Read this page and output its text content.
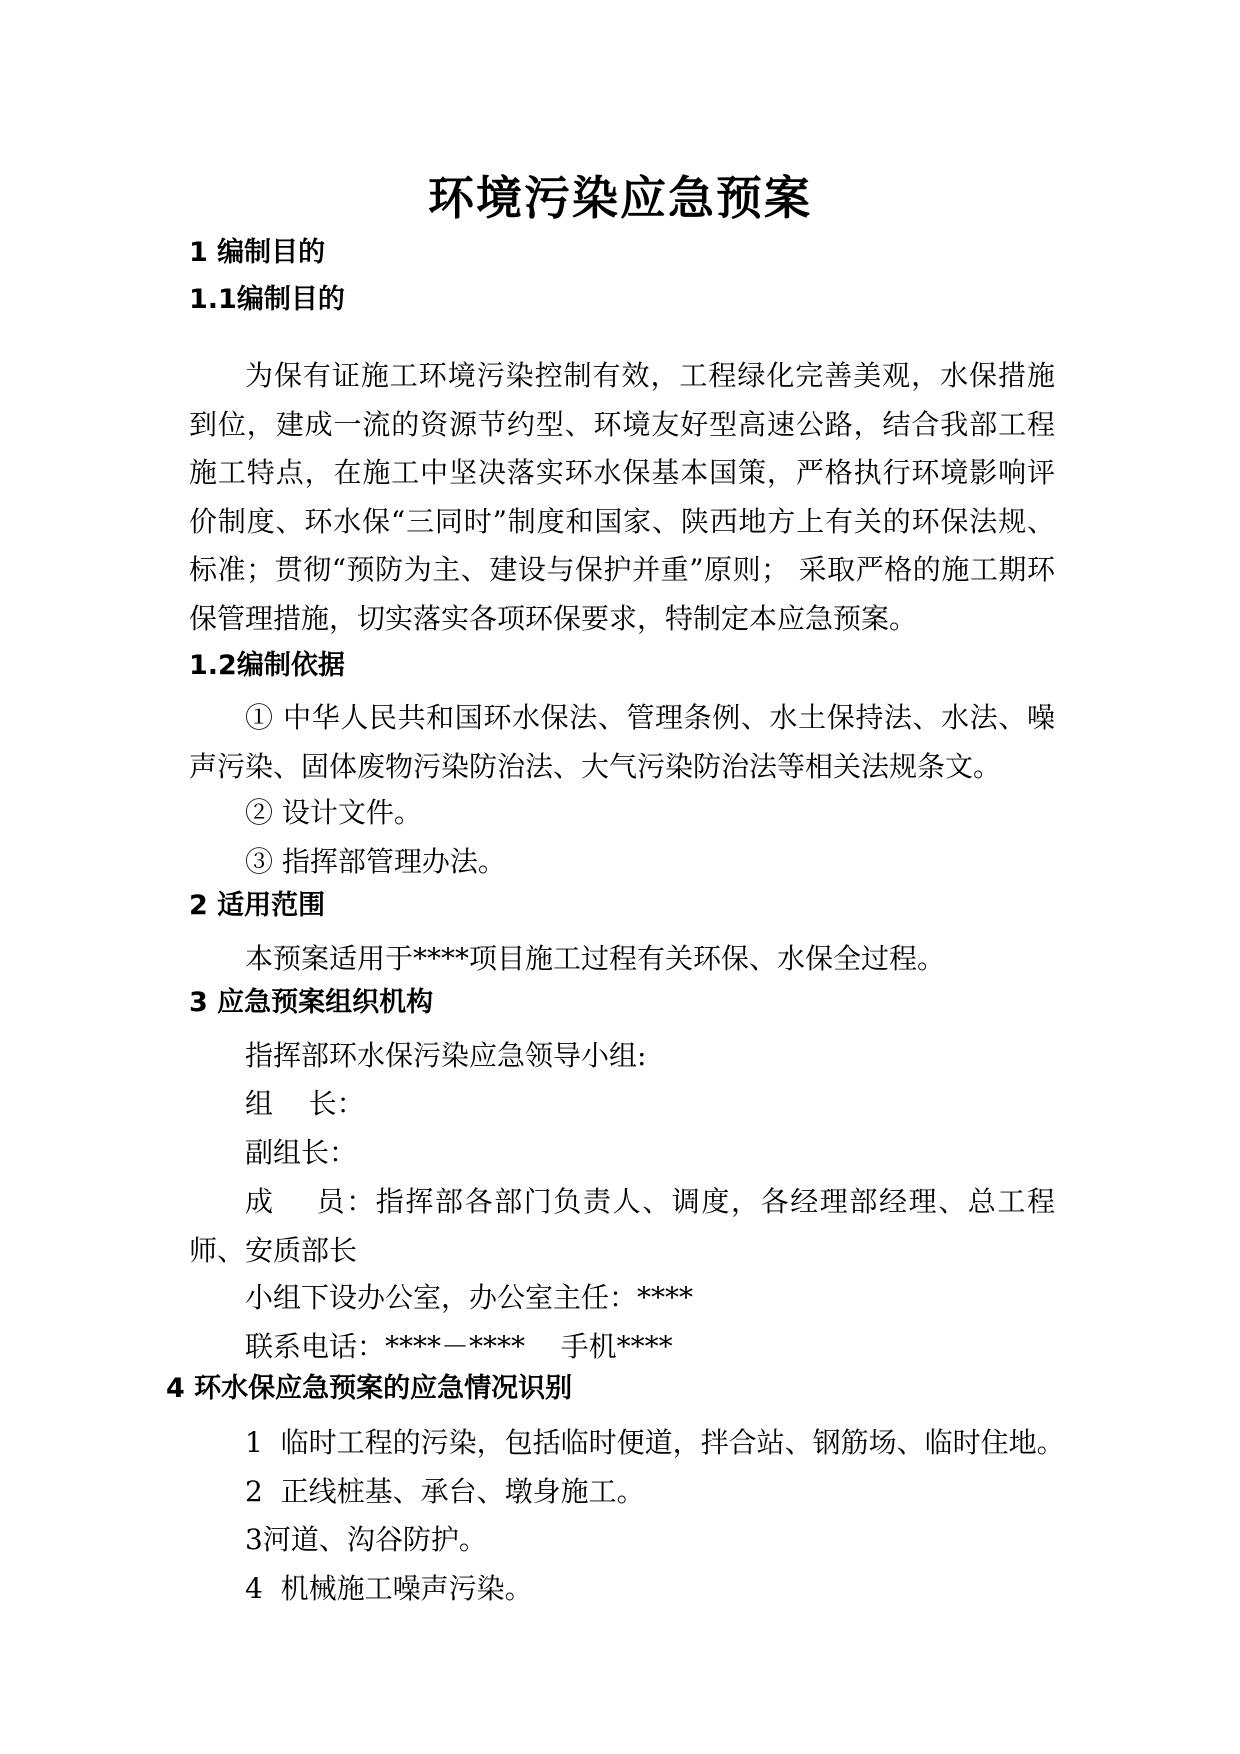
环境污染应急预案
1 编制目的
1.1编制目的
为保有证施工环境污染控制有效，工程绿化完善美观，水保措施到位，建成一流的资源节约型、环境友好型高速公路，结合我部工程施工特点，在施工中坚决落实环水保基本国策，严格执行环境影响评价制度、环水保“三同时”制度和国家、陕西地方上有关的环保法规、标准；贯彻“预防为主、建设与保护并重”原则； 采取严格的施工期环保管理措施，切实落实各项环保要求，特制定本应急预案。
1.2编制依据
① 中华人民共和国环水保法、管理条例、水土保持法、水法、噪声污染、固体废物污染防治法、大气污染防治法等相关法规条文。
② 设计文件。
③ 指挥部管理办法。
2 适用范围
本预案适用于****项目施工过程有关环保、水保全过程。
3 应急预案组织机构
指挥部环水保污染应急领导小组:
组    长：
副组长：
成    员：指挥部各部门负责人、调度，各经理部经理、总工程师、安质部长
小组下设办公室，办公室主任：****
联系电话：****－****    手机****
4 环水保应急预案的应急情况识别
1  临时工程的污染，包括临时便道，拌合站、钢筋场、临时住地。
2  正线桩基、承台、墩身施工。
3河道、沟谷防护。
4  机械施工噪声污染。
